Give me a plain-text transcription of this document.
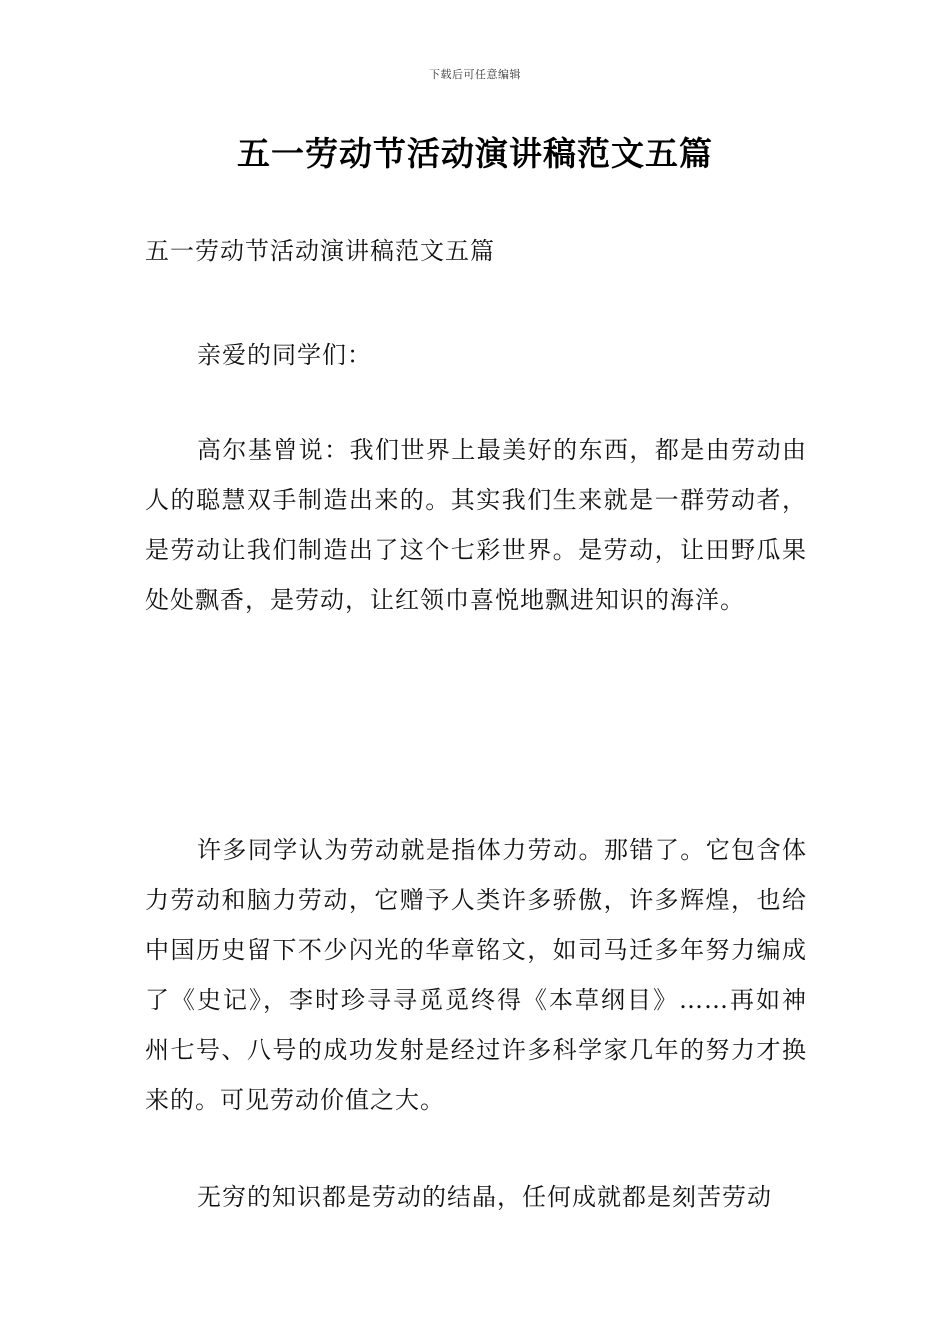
下载后可任意编辑
五一劳动节活动演讲稿范文五篇

五一劳动节活动演讲稿范文五篇

亲爱的同学们：

高尔基曾说：我们世界上最美好的东西，都是由劳动由人的聪慧双手制造出来的。其实我们生来就是一群劳动者，是劳动让我们制造出了这个七彩世界。是劳动，让田野瓜果处处飘香，是劳动，让红领巾喜悦地飘进知识的海洋。

许多同学认为劳动就是指体力劳动。那错了。它包含体力劳动和脑力劳动，它赠予人类许多骄傲，许多辉煌，也给中国历史留下不少闪光的华章铭文，如司马迁多年努力编成了《史记》，李时珍寻寻觅觅终得《本草纲目》……再如神州七号、八号的成功发射是经过许多科学家几年的努力才换来的。可见劳动价值之大。

无穷的知识都是劳动的结晶，任何成就都是刻苦劳动
